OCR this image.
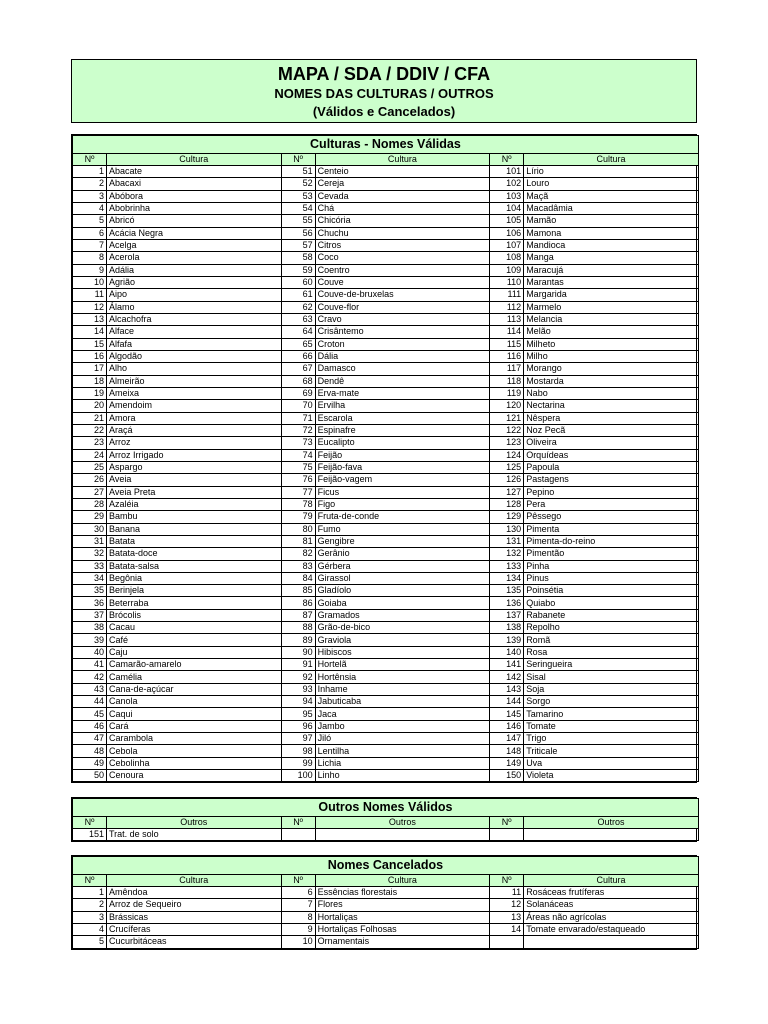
MAPA / SDA / DDIV / CFA
NOMES DAS CULTURAS / OUTROS
(Válidos e Cancelados)
Culturas - Nomes Válidas					
Nº	Cultura	Nº	Cultura	Nº	Cultura
1	Abacate	51	Centeio	101	Lírio
2	Abacaxi	52	Cereja	102	Louro
3	Abóbora	53	Cevada	103	Maçã
4	Abobrinha	54	Chá	104	Macadâmia
5	Abricó	55	Chicória	105	Mamão
6	Acácia Negra	56	Chuchu	106	Mamona
7	Acelga	57	Citros	107	Mandioca
8	Acerola	58	Coco	108	Manga
9	Adália	59	Coentro	109	Maracujá
10	Agrião	60	Couve	110	Marantas
11	Aipo	61	Couve-de-bruxelas	111	Margarida
12	Álamo	62	Couve-flor	112	Marmelo
13	Alcachofra	63	Cravo	113	Melancia
14	Alface	64	Crisântemo	114	Melão
15	Alfafa	65	Croton	115	Milheto
16	Algodão	66	Dália	116	Milho
17	Alho	67	Damasco	117	Morango
18	Almeirão	68	Dendê	118	Mostarda
19	Ameixa	69	Erva-mate	119	Nabo
20	Amendoim	70	Ervilha	120	Nectarina
21	Amora	71	Escarola	121	Nêspera
22	Araçá	72	Espinafre	122	Noz Pecã
23	Arroz	73	Eucalipto	123	Oliveira
24	Arroz Irrigado	74	Feijão	124	Orquídeas
25	Aspargo	75	Feijão-fava	125	Papoula
26	Aveia	76	Feijão-vagem	126	Pastagens
27	Aveia Preta	77	Ficus	127	Pepino
28	Azaléia	78	Figo	128	Pera
29	Bambu	79	Fruta-de-conde	129	Pêssego
30	Banana	80	Fumo	130	Pimenta
31	Batata	81	Gengibre	131	Pimenta-do-reino
32	Batata-doce	82	Gerânio	132	Pimentão
33	Batata-salsa	83	Gérbera	133	Pinha
34	Begônia	84	Girassol	134	Pinus
35	Berinjela	85	Gladíolo	135	Poinsétia
36	Beterraba	86	Goiaba	136	Quiabo
37	Brócolis	87	Gramados	137	Rabanete
38	Cacau	88	Grão-de-bico	138	Repolho
39	Café	89	Graviola	139	Romã
40	Caju	90	Hibiscos	140	Rosa
41	Camarão-amarelo	91	Hortelã	141	Seringueira
42	Camélia	92	Hortênsia	142	Sisal
43	Cana-de-açúcar	93	Inhame	143	Soja
44	Canola	94	Jabuticaba	144	Sorgo
45	Caqui	95	Jaca	145	Tamarino
46	Cará	96	Jambo	146	Tomate
47	Carambola	97	Jiló	147	Trigo
48	Cebola	98	Lentilha	148	Triticale
49	Cebolinha	99	Lichia	149	Uva
50	Cenoura	100	Linho	150	Violeta
Outros Nomes Válidos					
Nº	Outros	Nº	Outros	Nº	Outros
151	Trat. de solo				
Nomes Cancelados					
Nº	Cultura	Nº	Cultura	Nº	Cultura
1	Amêndoa	6	Essências florestais	11	Rosáceas frutíferas
2	Arroz de Sequeiro	7	Flores	12	Solanáceas
3	Brássicas	8	Hortaliças	13	Áreas não agrícolas
4	Crucíferas	9	Hortaliças Folhosas	14	Tomate envarado/estaqueado
5	Cucurbitáceas	10	Ornamentais		
